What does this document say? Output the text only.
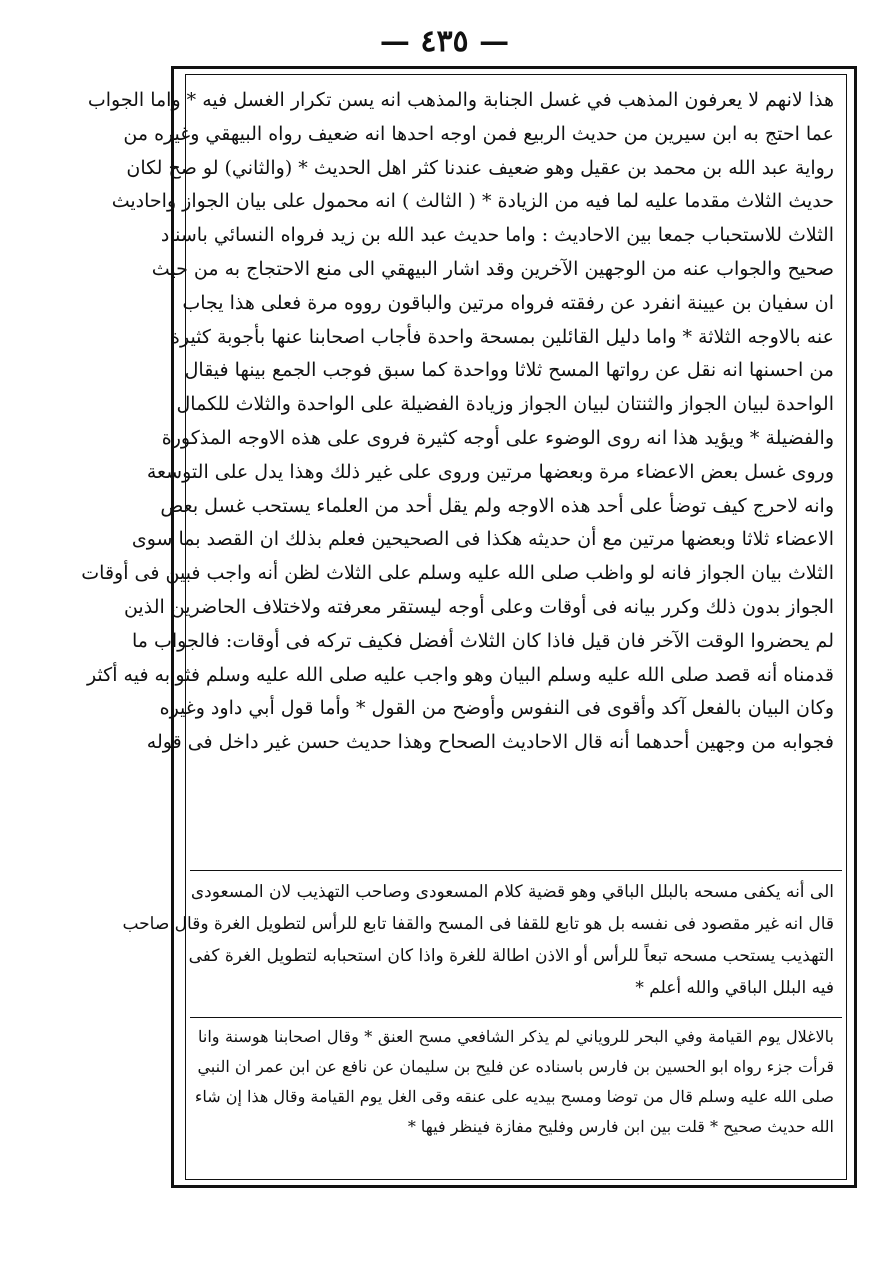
— ٤٣٥ —
هذا لانهم لا يعرفون المذهب في غسل الجنابة والمذهب انه يسن تكرار الغسل فيه * واما الجواب
عما احتج به ابن سيرين من حديث الربيع فمن اوجه احدها انه ضعيف رواه البيهقي وغيره من
رواية عبد الله بن محمد بن عقيل وهو ضعيف عندنا كثر اهل الحديث * (والثاني) لو صح لكان
حديث الثلاث مقدما عليه لما فيه من الزيادة * ( الثالث ) انه محمول على بيان الجواز واحاديث
الثلاث للاستحباب جمعا بين الاحاديث : واما حديث عبد الله بن زيد فرواه النسائي باسناد
صحيح والجواب عنه من الوجهين الآخرين وقد اشار البيهقي الى منع الاحتجاج به من حيث
ان سفيان بن عيينة انفرد عن رفقته فرواه مرتين والباقون رووه مرة فعلى هذا يجاب
عنه بالاوجه الثلاثة * واما دليل القائلين بمسحة واحدة فأجاب اصحابنا عنها بأجوبة كثيرة
من احسنها انه نقل عن رواتها المسح ثلاثا وواحدة كما سبق فوجب الجمع بينها فيقال
الواحدة لبيان الجواز والثنتان لبيان الجواز وزيادة الفضيلة على الواحدة والثلاث للكمال
والفضيلة * ويؤيد هذا انه روى الوضوء على أوجه كثيرة فروى على هذه الاوجه المذكورة
وروى غسل بعض الاعضاء مرة وبعضها مرتين وروى على غير ذلك وهذا يدل على التوسعة
وانه لاحرج كيف توضأ على أحد هذه الاوجه ولم يقل أحد من العلماء يستحب غسل بعض
الاعضاء ثلاثا وبعضها مرتين مع أن حديثه هكذا فى الصحيحين فعلم بذلك ان القصد بما سوى
الثلاث بيان الجواز فانه لو واظب صلى الله عليه وسلم على الثلاث لظن أنه واجب فبين فى أوقات
الجواز بدون ذلك وكرر بيانه فى أوقات وعلى أوجه ليستقر معرفته ولاختلاف الحاضرين الذين
لم يحضروا الوقت الآخر فان قيل فاذا كان الثلاث أفضل فكيف تركه فى أوقات: فالجواب ما
قدمناه أنه قصد صلى الله عليه وسلم البيان وهو واجب عليه صلى الله عليه وسلم فثوابه فيه أكثر
وكان البيان بالفعل آكد وأقوى فى النفوس وأوضح من القول * وأما قول أبي داود وغيره
فجوابه من وجهين أحدهما أنه قال الاحاديث الصحاح وهذا حديث حسن غير داخل فى قوله
الى أنه يكفى مسحه بالبلل الباقي وهو قضية كلام المسعودى وصاحب التهذيب لان المسعودى
قال انه غير مقصود فى نفسه بل هو تابع للقفا فى المسح والقفا تابع للرأس لتطويل الغرة وقال صاحب
التهذيب يستحب مسحه تبعاً للرأس أو الاذن اطالة للغرة واذا كان استحبابه لتطويل الغرة كفى
فيه البلل الباقي والله أعلم *
بالاغلال يوم القيامة وفي البحر للروياني لم يذكر الشافعي مسح العنق * وقال اصحابنا هوسنة وانا
قرأت جزء رواه ابو الحسين بن فارس باسناده عن فليح بن سليمان عن نافع عن ابن عمر ان النبي
صلى الله عليه وسلم قال من توضا ومسح بيديه على عنقه وقى الغل يوم القيامة وقال هذا إن شاء
الله حديث صحيح * قلت بين ابن فارس وفليح مفازة فينظر فيها *
